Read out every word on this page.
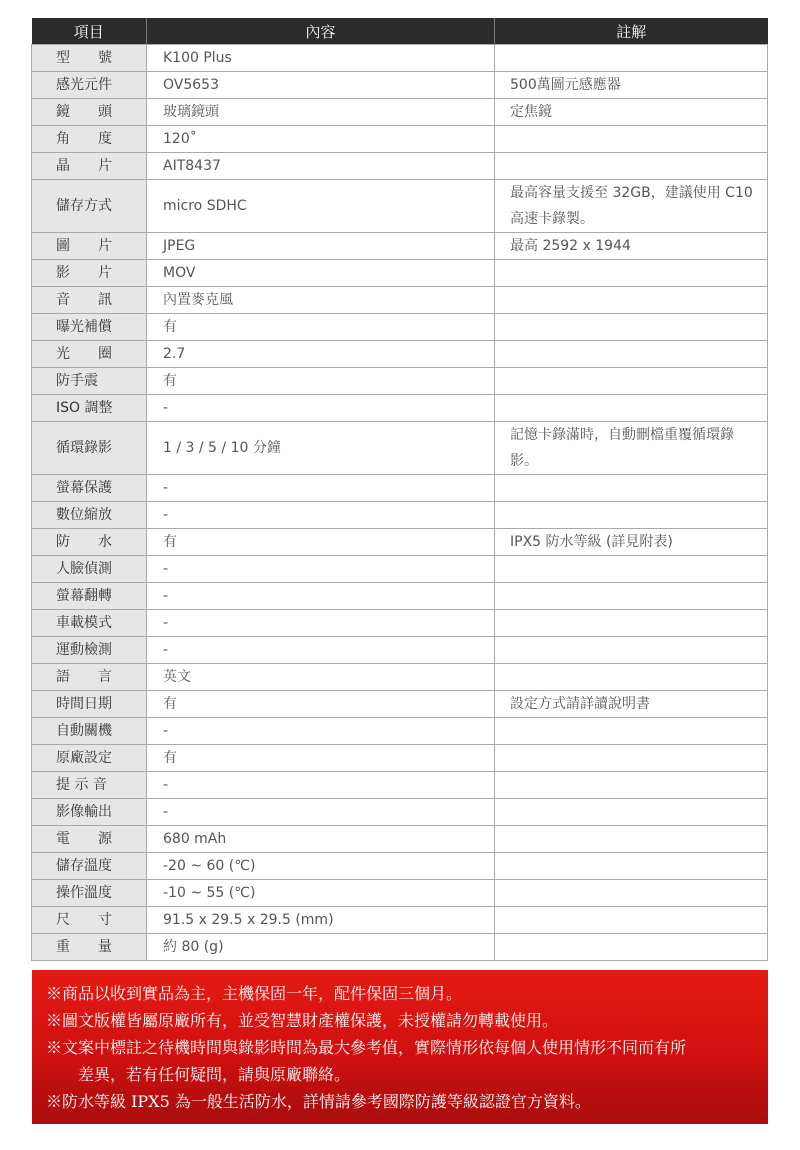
項目	內容	註解
型　　號	K100 Plus	
感光元件	OV5653	500萬圖元感應器
鏡　　頭	玻璃鏡頭	定焦鏡
角　　度	120˚	
晶　　片	AIT8437	
儲存方式	micro SDHC	最高容量支援至 32GB，建議使用 C10 高速卡錄製。
圖　　片	JPEG	最高 2592 x 1944
影　　片	MOV	
音　　訊	內置麥克風	
曝光補償	有	
光　　圈	2.7	
防手震	有	
ISO 調整	-	
循環錄影	1 / 3 / 5 / 10 分鐘	記憶卡錄滿時，自動刪檔重覆循環錄影。
螢幕保護	-	
數位縮放	-	
防　　水	有	IPX5 防水等級 (詳見附表)
人臉偵測	-	
螢幕翻轉	-	
車載模式	-	
運動檢測	-	
語　　言	英文	
時間日期	有	設定方式請詳讀說明書
自動關機	-	
原廠設定	有	
提 示 音	-	
影像輸出	-	
電　　源	680 mAh	
儲存溫度	-20 ~ 60 (℃)	
操作溫度	-10 ~ 55 (℃)	
尺　　寸	91.5 x 29.5 x 29.5 (mm)	
重　　量	約 80 (g)	
※商品以收到實品為主，主機保固一年，配件保固三個月。
※圖文版權皆屬原廠所有，並受智慧財產權保護，未授權請勿轉載使用。
※文案中標註之待機時間與錄影時間為最大參考值，實際情形依每個人使用情形不同而有所
差異，若有任何疑問，請與原廠聯絡。
※防水等級 IPX5 為一般生活防水，詳情請參考國際防護等級認證官方資料。
